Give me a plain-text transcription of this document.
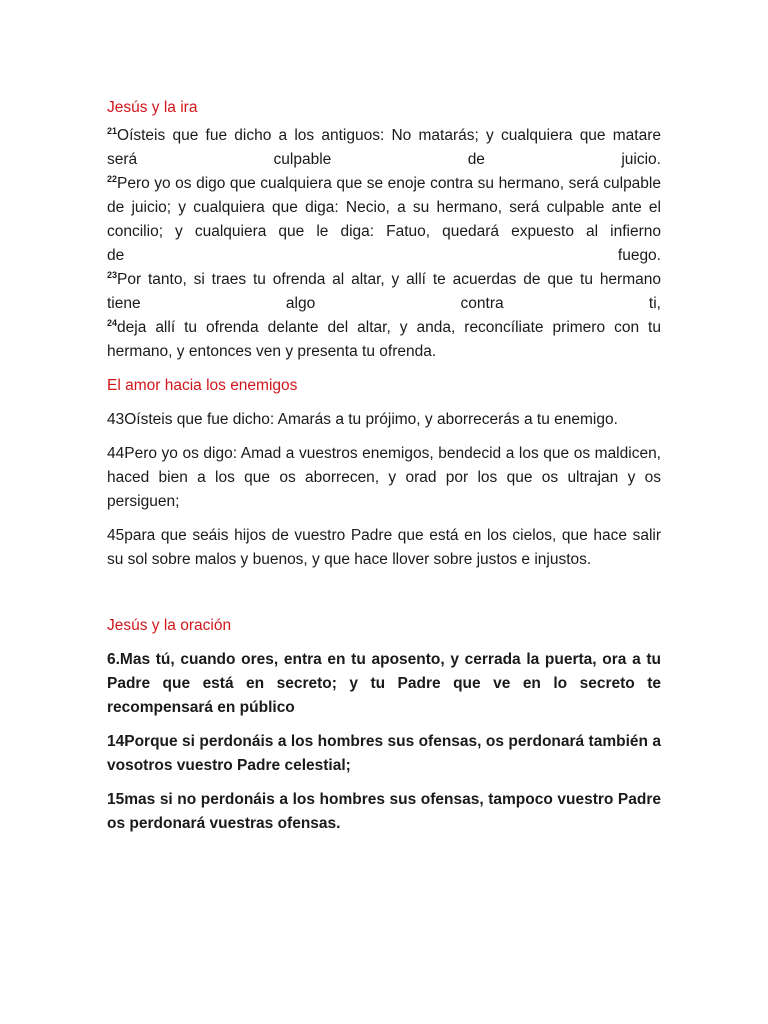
Jesús y la ira
$^{21}$Oísteis que fue dicho a los antiguos: No matarás; y cualquiera que matare
será	culpable	de	juicio.
$^{22}$Pero yo os digo que cualquiera que se enoje contra su hermano, será culpable de juicio; y cualquiera que diga: Necio, a su hermano, será culpable ante el concilio; y cualquiera que le diga: Fatuo, quedará expuesto al infierno
de	fuego.
$^{23}$Por tanto, si traes tu ofrenda al altar, y allí te acuerdas de que tu hermano
tiene	algo	contra	ti,
$^{24}$deja allí tu ofrenda delante del altar, y anda, reconcíliate primero con tu hermano, y entonces ven y presenta tu ofrenda.
El amor hacia los enemigos

43Oísteis que fue dicho: Amarás a tu prójimo, y aborrecerás a tu enemigo.

44Pero yo os digo: Amad a vuestros enemigos, bendecid a los que os maldicen, haced bien a los que os aborrecen, y orad por los que os ultrajan y os persiguen;

45para que seáis hijos de vuestro Padre que está en los cielos, que hace salir su sol sobre malos y buenos, y que hace llover sobre justos e injustos.

Jesús y la oración

6.Mas tú, cuando ores, entra en tu aposento, y cerrada la puerta, ora a tu Padre que está en secreto; y tu Padre que ve en lo secreto te recompensará en público

14Porque si perdonáis a los hombres sus ofensas, os perdonará también a vosotros vuestro Padre celestial;

15mas si no perdonáis a los hombres sus ofensas, tampoco vuestro Padre os perdonará vuestras ofensas.
